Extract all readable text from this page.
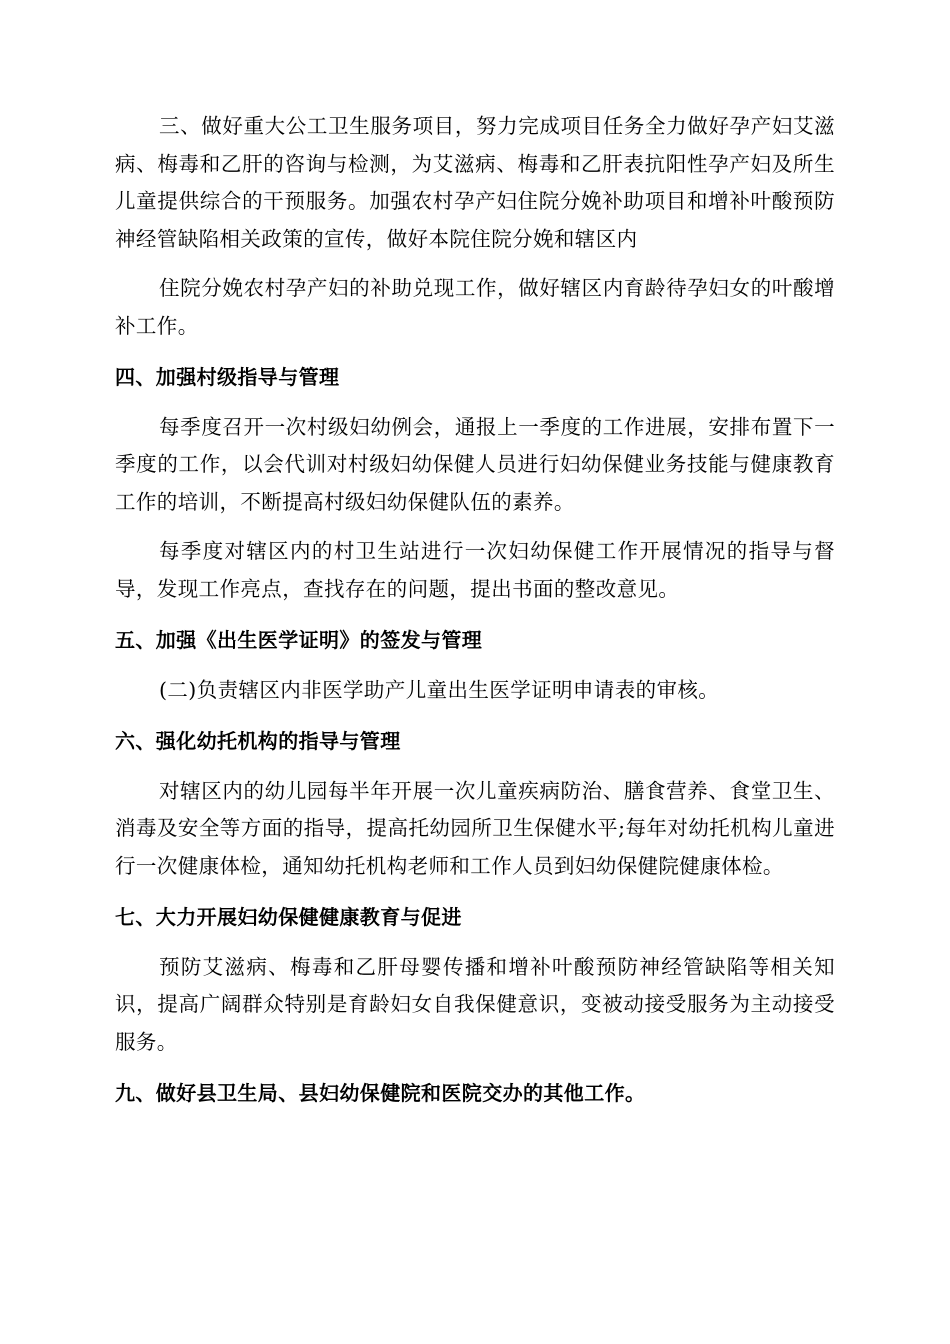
三、做好重大公工卫生服务项目，努力完成项目任务全力做好孕产妇艾滋病、梅毒和乙肝的咨询与检测，为艾滋病、梅毒和乙肝表抗阳性孕产妇及所生儿童提供综合的干预服务。加强农村孕产妇住院分娩补助项目和增补叶酸预防神经管缺陷相关政策的宣传，做好本院住院分娩和辖区内

住院分娩农村孕产妇的补助兑现工作，做好辖区内育龄待孕妇女的叶酸增补工作。

四、加强村级指导与管理

每季度召开一次村级妇幼例会，通报上一季度的工作进展，安排布置下一季度的工作，以会代训对村级妇幼保健人员进行妇幼保健业务技能与健康教育工作的培训，不断提高村级妇幼保健队伍的素养。

每季度对辖区内的村卫生站进行一次妇幼保健工作开展情况的指导与督导，发现工作亮点，查找存在的问题，提出书面的整改意见。

五、加强《出生医学证明》的签发与管理

(二)负责辖区内非医学助产儿童出生医学证明申请表的审核。

六、强化幼托机构的指导与管理

对辖区内的幼儿园每半年开展一次儿童疾病防治、膳食营养、食堂卫生、消毒及安全等方面的指导，提高托幼园所卫生保健水平;每年对幼托机构儿童进行一次健康体检，通知幼托机构老师和工作人员到妇幼保健院健康体检。

七、大力开展妇幼保健健康教育与促进

预防艾滋病、梅毒和乙肝母婴传播和增补叶酸预防神经管缺陷等相关知识，提高广阔群众特别是育龄妇女自我保健意识，变被动接受服务为主动接受服务。

九、做好县卫生局、县妇幼保健院和医院交办的其他工作。
